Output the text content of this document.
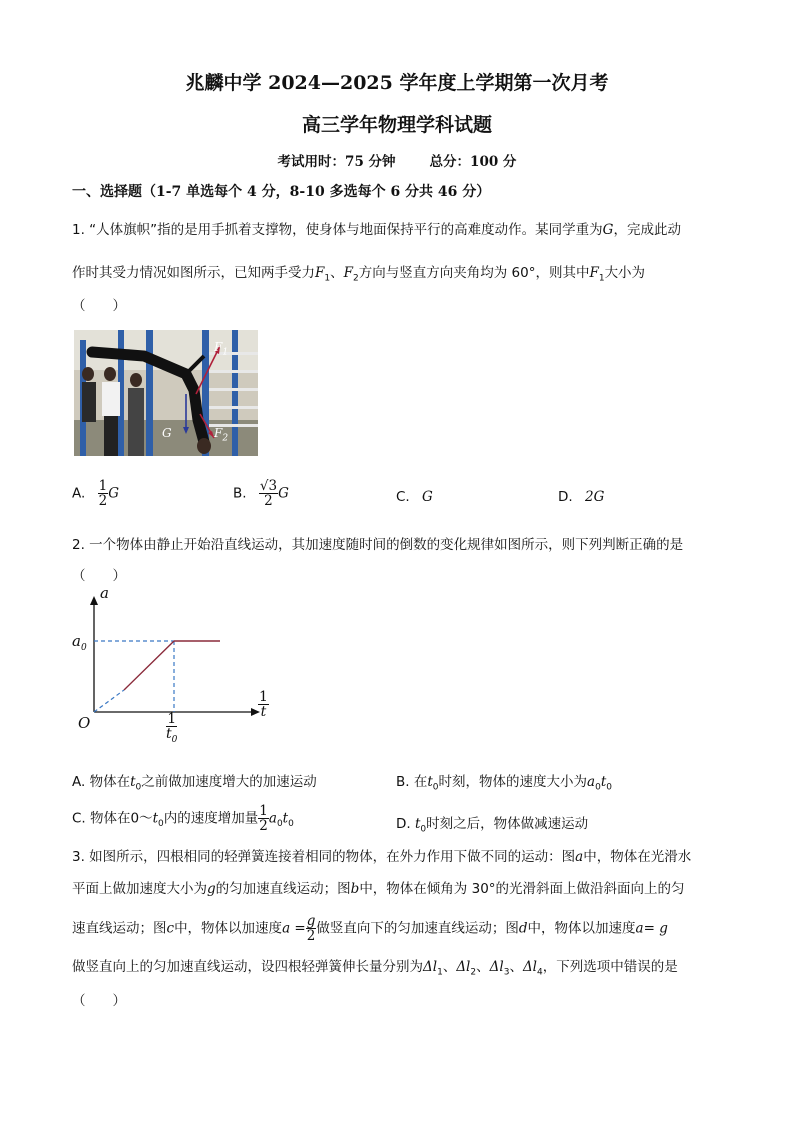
兆麟中学 2024—2025 学年度上学期第一次月考
高三学年物理学科试题
考试用时：75 分钟	总分：100 分
一、选择题（1-7 单选每个 4 分，8-10 多选每个 6 分共 46 分）
1. “人体旗帜”指的是用手抓着支撑物，使身体与地面保持平行的高难度动作。某同学重为G，完成此动
作时其受力情况如图所示，已知两手受力$F_1$、$F_2$方向与竖直方向夹角均为 60°，则其中$F_1$大小为
（　　）
$F_1$
$F_2$
G
A. $\frac{1}{2}$ G	B. $\frac{√3}{2}$ G	C. G	D. 2G
2. 一个物体由静止开始沿直线运动，其加速度随时间的倒数的变化规律如图所示，则下列判断正确的是
（　　）
a
$a_0$
O
$\frac{1}{t}$
$\frac{1}{t_0}$
A. 物体在$t_0$之前做加速度增大的加速运动	B. 在$t_0$时刻，物体的速度大小为$a_0t_0$
C. 物体在$0\sim t_0$内的速度增加量 $\frac{1}{2} a_0t_0$	D. $t_0$时刻之后，物体做减速运动
3. 如图所示，四根相同的轻弹簧连接着相同的物体，在外力作用下做不同的运动：图a中，物体在光滑水
平面上做加速度大小为g的匀加速直线运动；图b中，物体在倾角为 30°的光滑斜面上做沿斜面向上的匀
速直线运动；图c中，物体以加速度$a = \frac{g}{2}$ 做竖直向下的匀加速直线运动；图d中，物体以加速度a= g
做竖直向上的匀加速直线运动，设四根轻弹簧伸长量分别为$\Delta l_1$、$\Delta l_2$、$\Delta l_3$、$\Delta l_4$，下列选项中错误的是
（　　）
